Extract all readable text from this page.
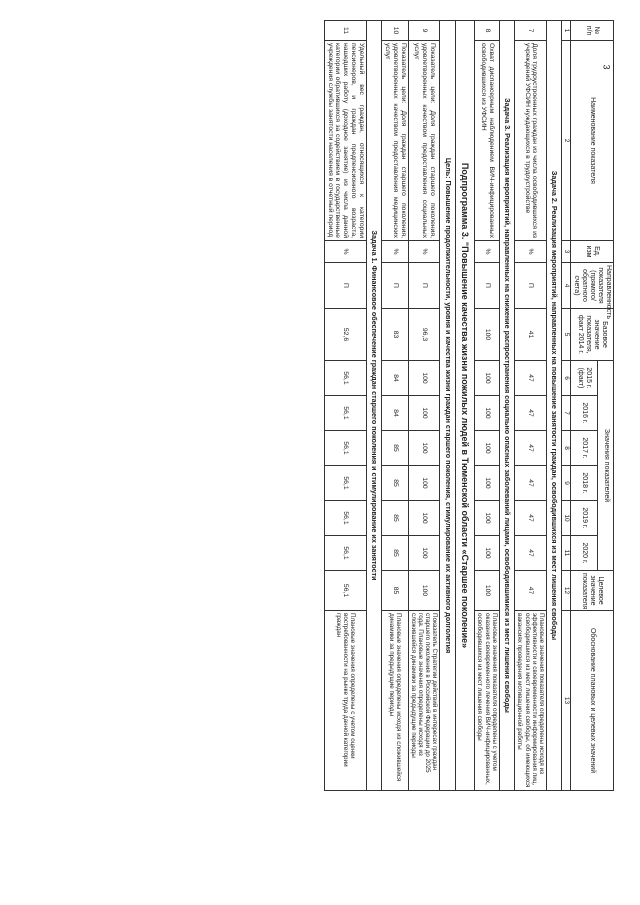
3
№ п/п	Наименование показателя	Ед. изм	Направленность показателя (прямого/обратного счета)	Базовое значение показателя, факт 2014 г.	Значения показателей						Целевое значение показателя	Обоснование плановых и целевых значений
					2015 г. (факт)	2016 г.	2017 г.	2018 г.	2019 г.	2020 г.		
1	2	3	4	5	6	7	8	9	10	11	12	13
Задача 2. Реализация мероприятий, направленных на повышение занятости граждан, освободившихся из мест лишения свободы												
7	Доля трудоустроенных граждан из числа освободившихся из учреждений УФСИН нуждающихся в трудоустройстве	%	П	41	47	47	47	47	47	47	47	Плановые значения показателя определены исходя из эффективности и своевременности информирования лиц, освободившихся из мест лишения свободы, об имеющихся вакансиях проведения мотивационной работы
Задача 3. Реализация мероприятий, направленных на снижение распространения социально опасных заболеваний лицами, освободившимися из мест лишения свободы												
8	Охват диспансерным наблюдением ВИЧ-инфицированных освободившихся из УФСИН	%	П	100	100	100	100	100	100	100	100	Плановые значения показателя определены с учетом оказания своевременного лечения ВИЧ-инфицированных, освободившихся из мест лишения свободы
Подпрограмма 3. "Повышение качества жизни пожилых людей в Тюменской области «Старшее поколение»												
Цель: Повышение продолжительности, уровня и качества жизни граждан старшего поколения, стимулирование их активного долголетия												
9	Показатель цели: Доля граждан старшего поколения, удовлетворенных качеством предоставления социальных услуг	%	П	96,3	100	100	100	100	100	100	100	Показатель Стратегии действий в интересах граждан старшего поколения в Российской Федерации до 2025 года. Плановые значения определены исходя из сложившейся динамики за предыдущие периоды
10	Показатель цели: Доля граждан старшего поколения, удовлетворенных качеством предоставления медицинских услуг	%	П	83	84	84	85	85	85	85	85	Плановые значения определены исходя из сложившейся динамики за предыдущие периоды
Задача 1. Финансовое обеспечение граждан старшего поколения и стимулирование их занятости												
11	Удельный вес граждан, относящихся к категории пенсионеров, и граждан предпенсионного возраста, нашедших работу (доходное занятие) из числа данной категории обратившихся за содействием в государственные учреждения службы занятости населения в отчетный период	%	П	52,6	56,1	56,1	56,1	56,1	56,1	56,1	56,1	Плановые значения определены с учетом оценки востребованности на рынке труда данной категории граждан
